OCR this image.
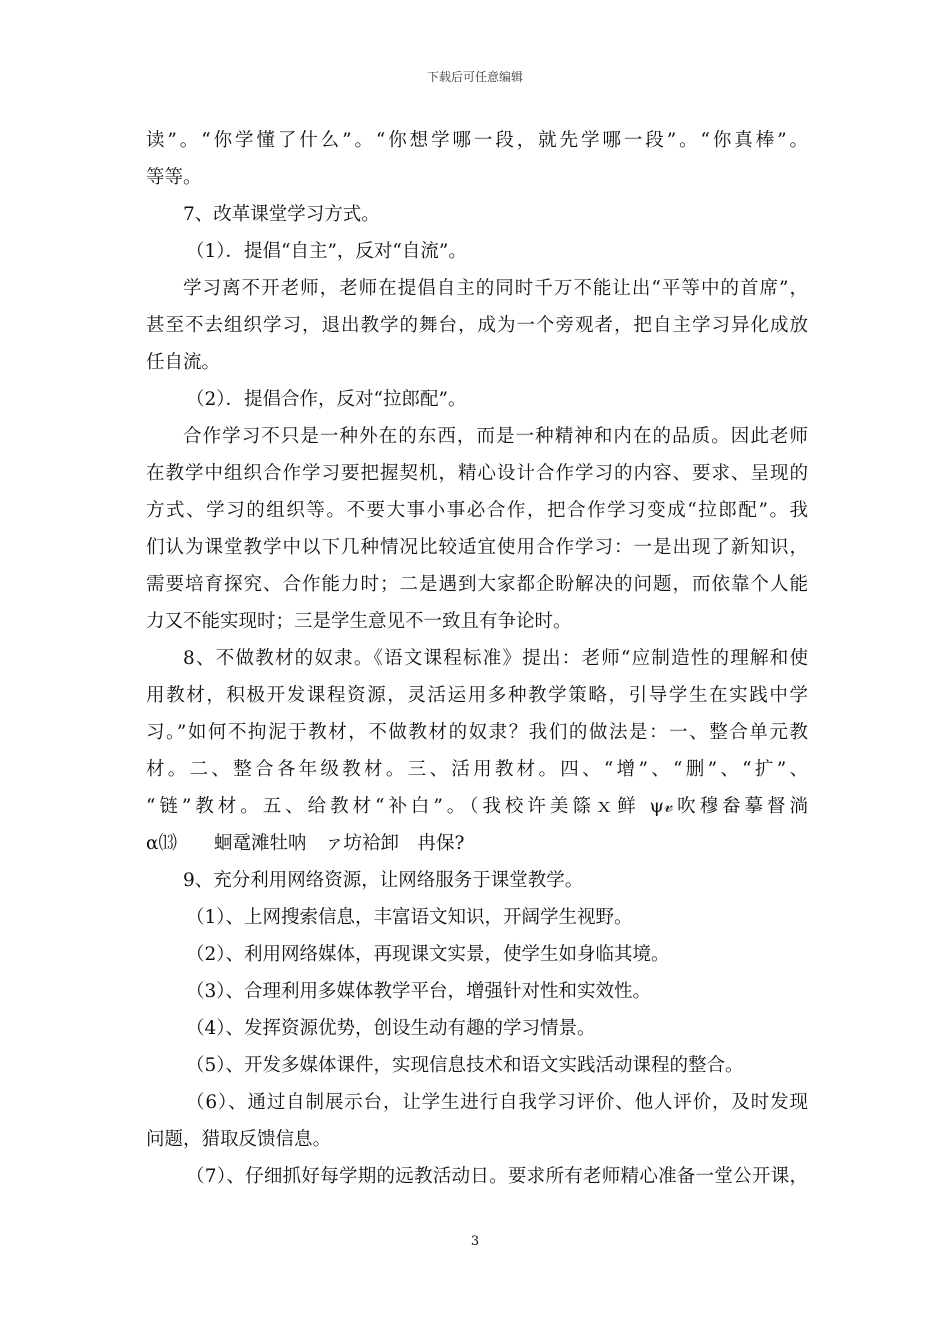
下载后可任意编辑
读”。“你学懂了什么”。“你想学哪一段，就先学哪一段”。“你真棒”。
等等。
7、改革课堂学习方式。
（1）．提倡“自主”，反对“自流”。
学习离不开老师，老师在提倡自主的同时千万不能让出“平等中的首席”，
甚至不去组织学习，退出教学的舞台，成为一个旁观者，把自主学习异化成放
任自流。
（2）．提倡合作，反对“拉郎配”。
合作学习不只是一种外在的东西，而是一种精神和内在的品质。因此老师
在教学中组织合作学习要把握契机，精心设计合作学习的内容、要求、呈现的
方式、学习的组织等。不要大事小事必合作，把合作学习变成“拉郎配”。我
们认为课堂教学中以下几种情况比较适宜使用合作学习：一是出现了新知识，
需要培育探究、合作能力时；二是遇到大家都企盼解决的问题，而依靠个人能
力又不能实现时；三是学生意见不一致且有争论时。
8、不做教材的奴隶。《语文课程标准》提出：老师“应制造性的理解和使
用教材，积极开发课程资源，灵活运用多种教学策略，引导学生在实践中学
习。”如何不拘泥于教材，不做教材的奴隶？我们的做法是：一、整合单元教
材。二、整合各年级教材。三、活用教材。四、“增”、“删”、“扩”、
“链”教材。五、给教材“补白”。（我校许美篨ｘ鲜 ψ𝓋吹穆畚摹督淌
α⒀　　蛔鼋滩牡呐　ァ坊袷卸　冉保?
9、充分利用网络资源，让网络服务于课堂教学。
（1）、上网搜索信息，丰富语文知识，开阔学生视野。
（2）、利用网络媒体，再现课文实景，使学生如身临其境。
（3）、合理利用多媒体教学平台，增强针对性和实效性。
（4）、发挥资源优势，创设生动有趣的学习情景。
（5）、开发多媒体课件，实现信息技术和语文实践活动课程的整合。
（6）、通过自制展示台，让学生进行自我学习评价、他人评价，及时发现
问题，猎取反馈信息。
（7）、仔细抓好每学期的远教活动日。要求所有老师精心准备一堂公开课，
3
